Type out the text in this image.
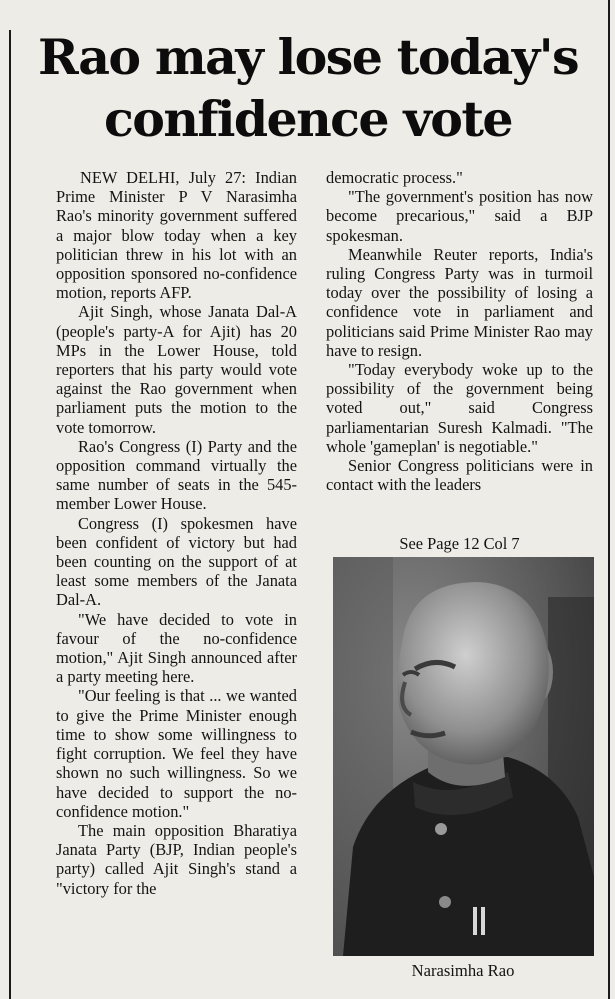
Rao may lose today's
confidence vote

NEW DELHI, July 27: Indian Prime Minister P V Narasimha Rao's minority government suffered a major blow today when a key politician threw in his lot with an opposition sponsored no-confidence motion, reports AFP.

Ajit Singh, whose Janata Dal-A (people's party-A for Ajit) has 20 MPs in the Lower House, told reporters that his party would vote against the Rao government when parliament puts the motion to the vote tomorrow.

Rao's Congress (I) Party and the opposition command virtually the same number of seats in the 545-member Lower House.

Congress (I) spokesmen have been confident of victory but had been counting on the support of at least some members of the Janata Dal-A.

"We have decided to vote in favour of the no-confidence motion," Ajit Singh announced after a party meeting here.

"Our feeling is that ... we wanted to give the Prime Minister enough time to show some willingness to fight corruption. We feel they have shown no such willingness. So we have decided to support the no-confidence motion."

The main opposition Bharatiya Janata Party (BJP, Indian people's party) called Ajit Singh's stand a "victory for the

democratic process."

"The government's position has now become precarious," said a BJP spokesman.

Meanwhile Reuter reports, India's ruling Congress Party was in turmoil today over the possibility of losing a confidence vote in parliament and politicians said Prime Minister Rao may have to resign.

"Today everybody woke up to the possibility of the government being voted out," said Congress parliamentarian Suresh Kalmadi. "The whole 'gameplan' is negotiable."

Senior Congress politicians were in contact with the leaders

See Page 12 Col 7
Narasimha Rao
